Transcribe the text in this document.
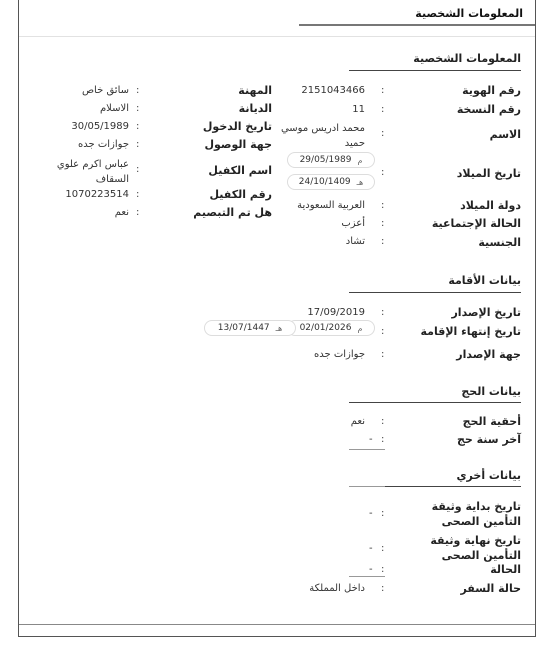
المعلومات الشخصية
المعلومات الشخصية
رقم الهوية
:
2151043466
رقم النسخة
:
11
الاسم
:
محمد ادريس موسي حميد
تاريخ الميلاد
:
29/05/1989 م
24/10/1409 هـ
دولة الميلاد
:
العربية السعودية
الحالة الإجتماعية
:
أعزب
الجنسية
:
تشاد
المهنة
:
سائق خاص
الديانة
:
الاسلام
تاريخ الدخول
:
30/05/1989
جهة الوصول
:
جوازات جده
اسم الكفيل
:
عباس اكرم علوي السقاف
رقم الكفيل
:
1070223514
هل تم التبصيم
:
نعم
بيانات الأقامة
تاريخ الإصدار
:
17/09/2019
تاريخ إنتهاء الإقامة
:
02/01/2026 م
13/07/1447 هـ
جهة الإصدار
:
جوازات جده
بيانات الحج
أحقية الحج
:
نعم
آخر سنة حج
:
-
بيانات أخري
تاريخ بداية وثيقة التأمين الصحى
:
-
تاريخ نهاية وثيقة التأمين الصحى
:
-
الحالة
:
-
حالة السفر
:
داخل المملكة
